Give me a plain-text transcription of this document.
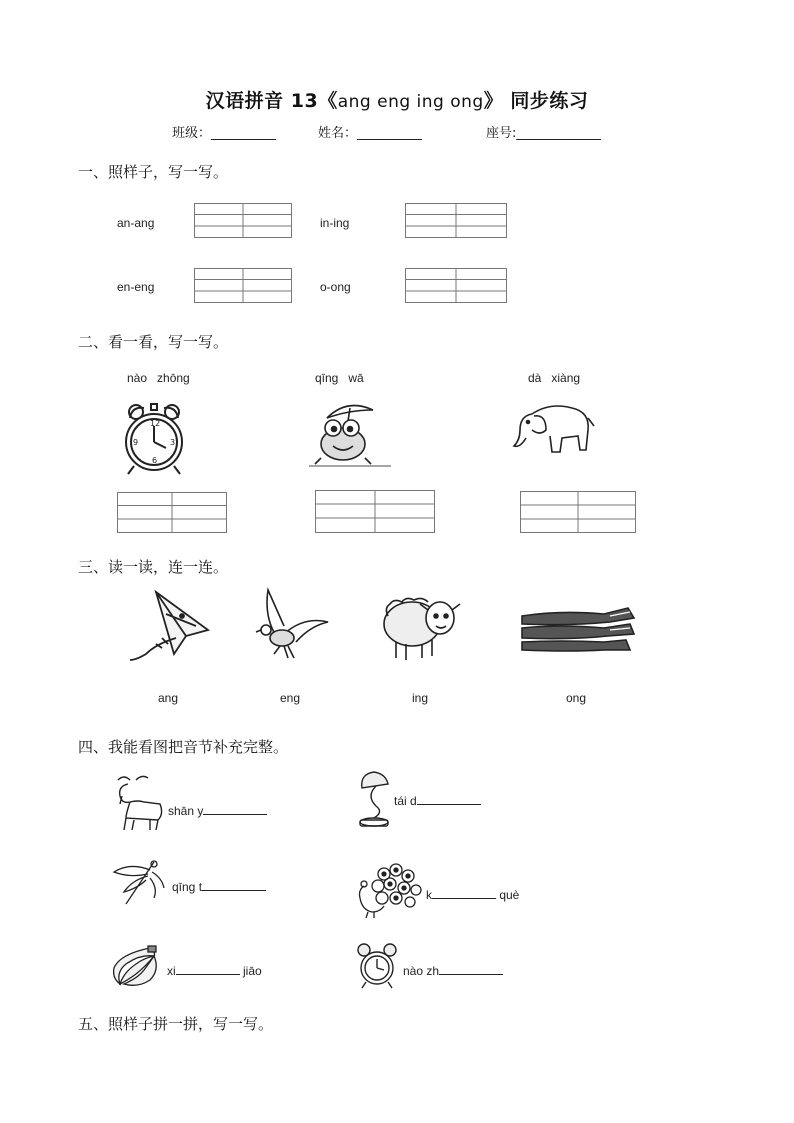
汉语拼音 13《ang eng ing ong》 同步练习
班级：__________	姓名：__________	座号:_____________
一、照样子，写一写。
an-ang	in-ing
en-eng	o-ong
二、看一看，写一写。
nào   zhōng	qīng   wā	dà   xiàng
12
3
6
9
三、读一读，连一连。
ang	eng	ing	ong
四、我能看图把音节补充完整。
shān y
tái d
qīng t
k	què
xi	jiāo	nào zh
五、照样子拼一拼，写一写。
